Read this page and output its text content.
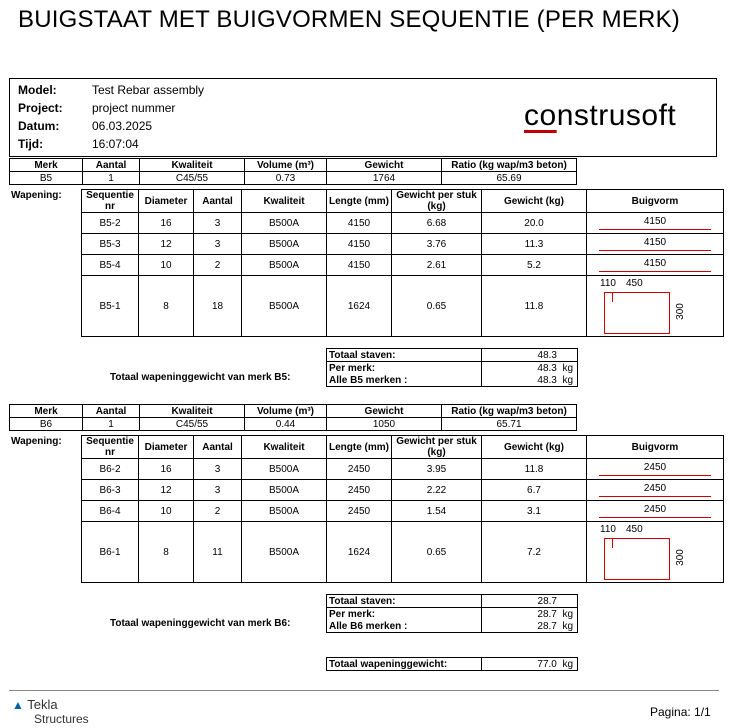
BUIGSTAAT MET BUIGVORMEN SEQUENTIE (PER MERK)
Model:	Test Rebar assembly
Project: project nummer
Datum:	06.03.2025
Tijd:	16:07:04
construsoft
Merk	Aantal	Kwaliteit	Volume (m³)	Gewicht	Ratio (kg wap/m3 beton)
B5	1	C45/55	0.73	1764	65.69
Wapening:	Sequentie nr	Diameter	Aantal	Kwaliteit	Lengte (mm)	Gewicht per stuk (kg)	Gewicht (kg)	Buigvorm
	B5-2	16	3	B500A	4150	6.68	20.0	4150

	B5-3	12	3	B500A	4150	3.76	11.3	4150

	B5-4	10	2	B500A	4150	2.61	5.2	4150

	B5-1	8	18	B500A	1624	0.65	11.8	110 450
300
Totaal wapeninggewicht van merk B5:
Totaal staven:	48.3
Per merk:	48.3 kg
Alle B5 merken :	48.3 kg
Merk	Aantal	Kwaliteit	Volume (m³)	Gewicht	Ratio (kg wap/m3 beton)
B6	1	C45/55	0.44	1050	65.71
Wapening:	Sequentie nr	Diameter	Aantal	Kwaliteit	Lengte (mm)	Gewicht per stuk (kg)	Gewicht (kg)	Buigvorm
	B6-2	16	3	B500A	2450	3.95	11.8	2450

	B6-3	12	3	B500A	2450	2.22	6.7	2450

	B6-4	10	2	B500A	2450	1.54	3.1	2450

	B6-1	8	11	B500A	1624	0.65	7.2	110 450
300
Totaal wapeninggewicht van merk B6:
Totaal staven:	28.7
Per merk:	28.7 kg
Alle B6 merken :	28.7 kg
Totaal wapeninggewicht:	77.0 kg
▲ Tekla
Structures	Pagina: 1/1
